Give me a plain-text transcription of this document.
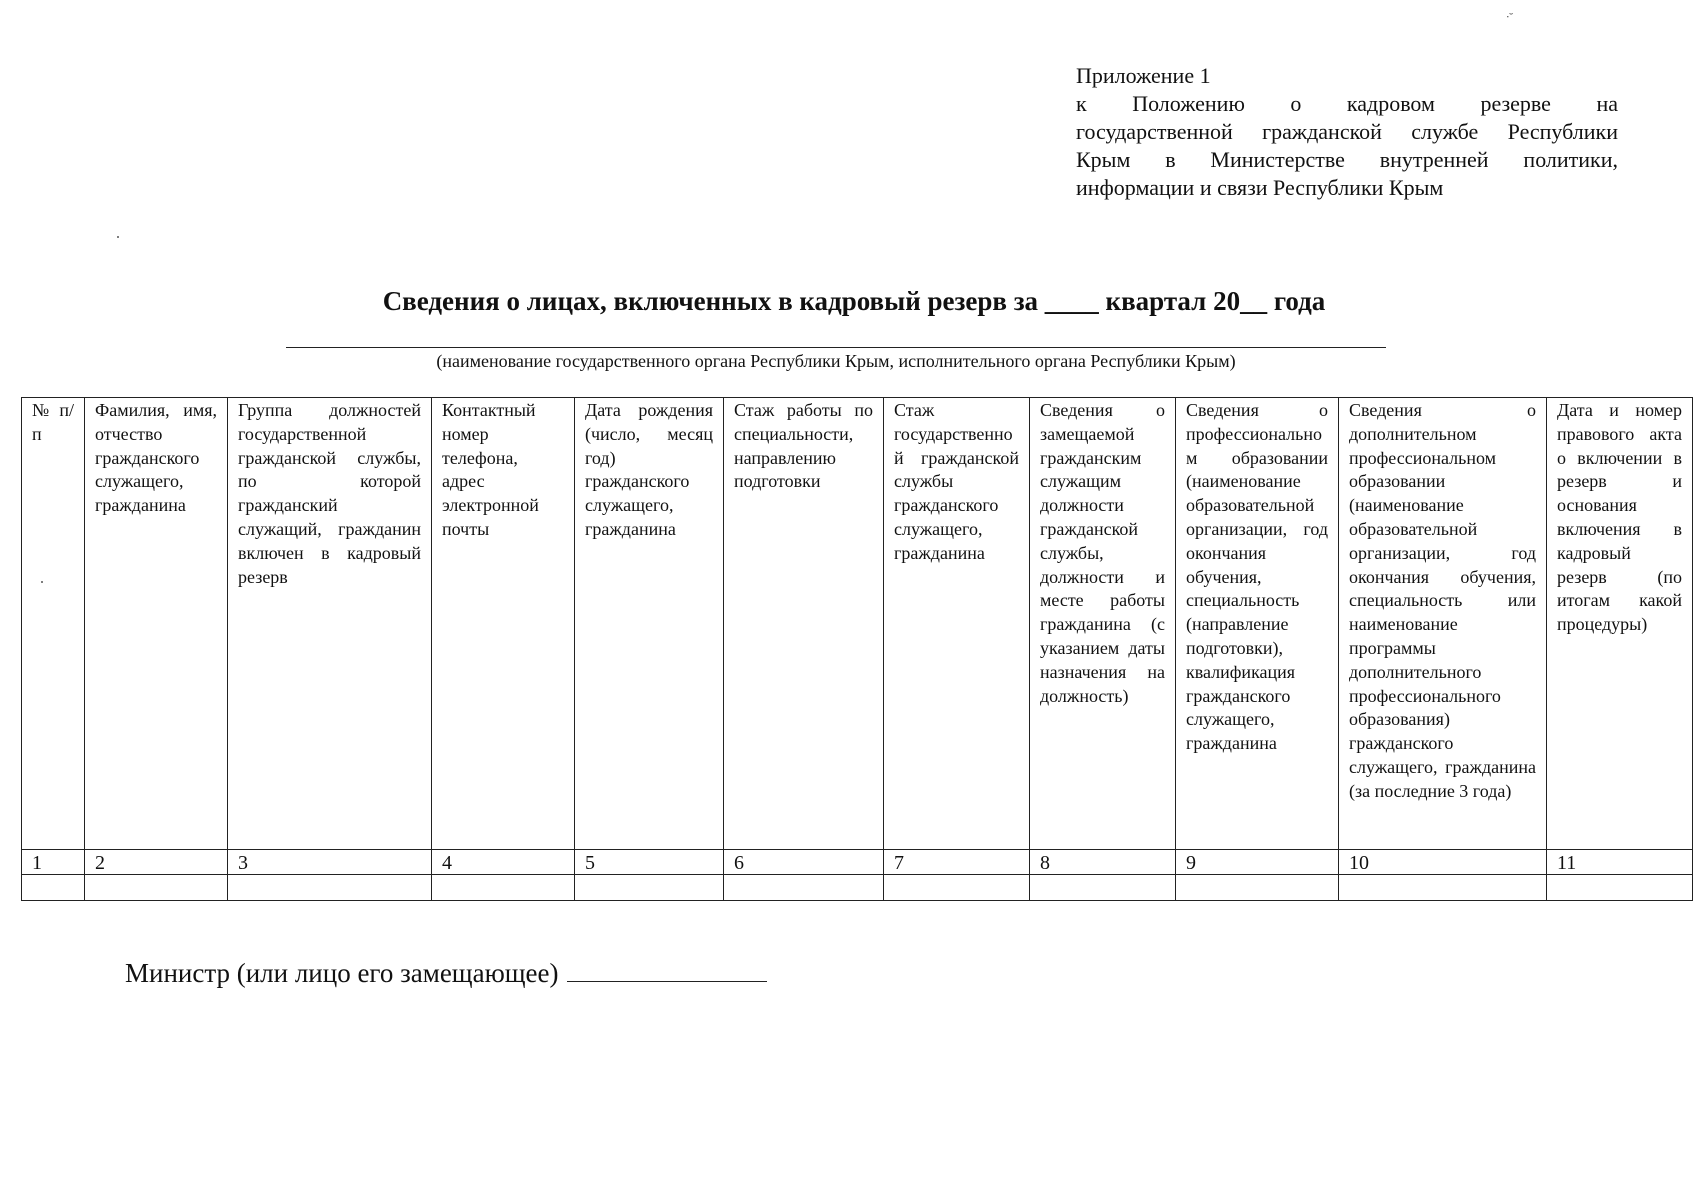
ᐧ˘
Приложение 1
к Положению о кадровом резерве на
государственной гражданской службе Республики
Крым в Министерстве внутренней политики,
информации и связи Республики Крым
Сведения о лицах, включенных в кадровый резерв за ____ квартал 20__ года
(наименование государственного органа Республики Крым, исполнительного органа Республики Крым)
№ п/п	Фамилия, имя, отчество гражданского служащего, гражданина	Группа должностей государственной гражданской службы, по которой гражданский служащий, гражданин включен в кадровый резерв	Контактный номер телефона, адрес электронной почты	Дата рождения (число, месяц год) гражданского служащего, гражданина	Стаж работы по специальности, направлению подготовки	Стаж государственной гражданской службы гражданского служащего, гражданина	Сведения о замещаемой гражданским служащим должности гражданской службы, должности и месте работы гражданина (с указанием даты назначения на должность)	Сведения о профессиональном образовании (наименование образовательной организации, год окончания обучения, специальность (направление подготовки), квалификация гражданского служащего, гражданина	Сведения о дополнительном профессиональном образовании (наименование образовательной организации, год окончания обучения, специальность или наименование программы дополнительного профессионального образования) гражданского служащего, гражданина (за последние 3 года)	Дата и номер правового акта о включении в резерв и основания включения в кадровый резерв (по итогам какой процедуры)
1	2	3	4	5	6	7	8	9	10	11

Министр (или лицо его замещающее)
